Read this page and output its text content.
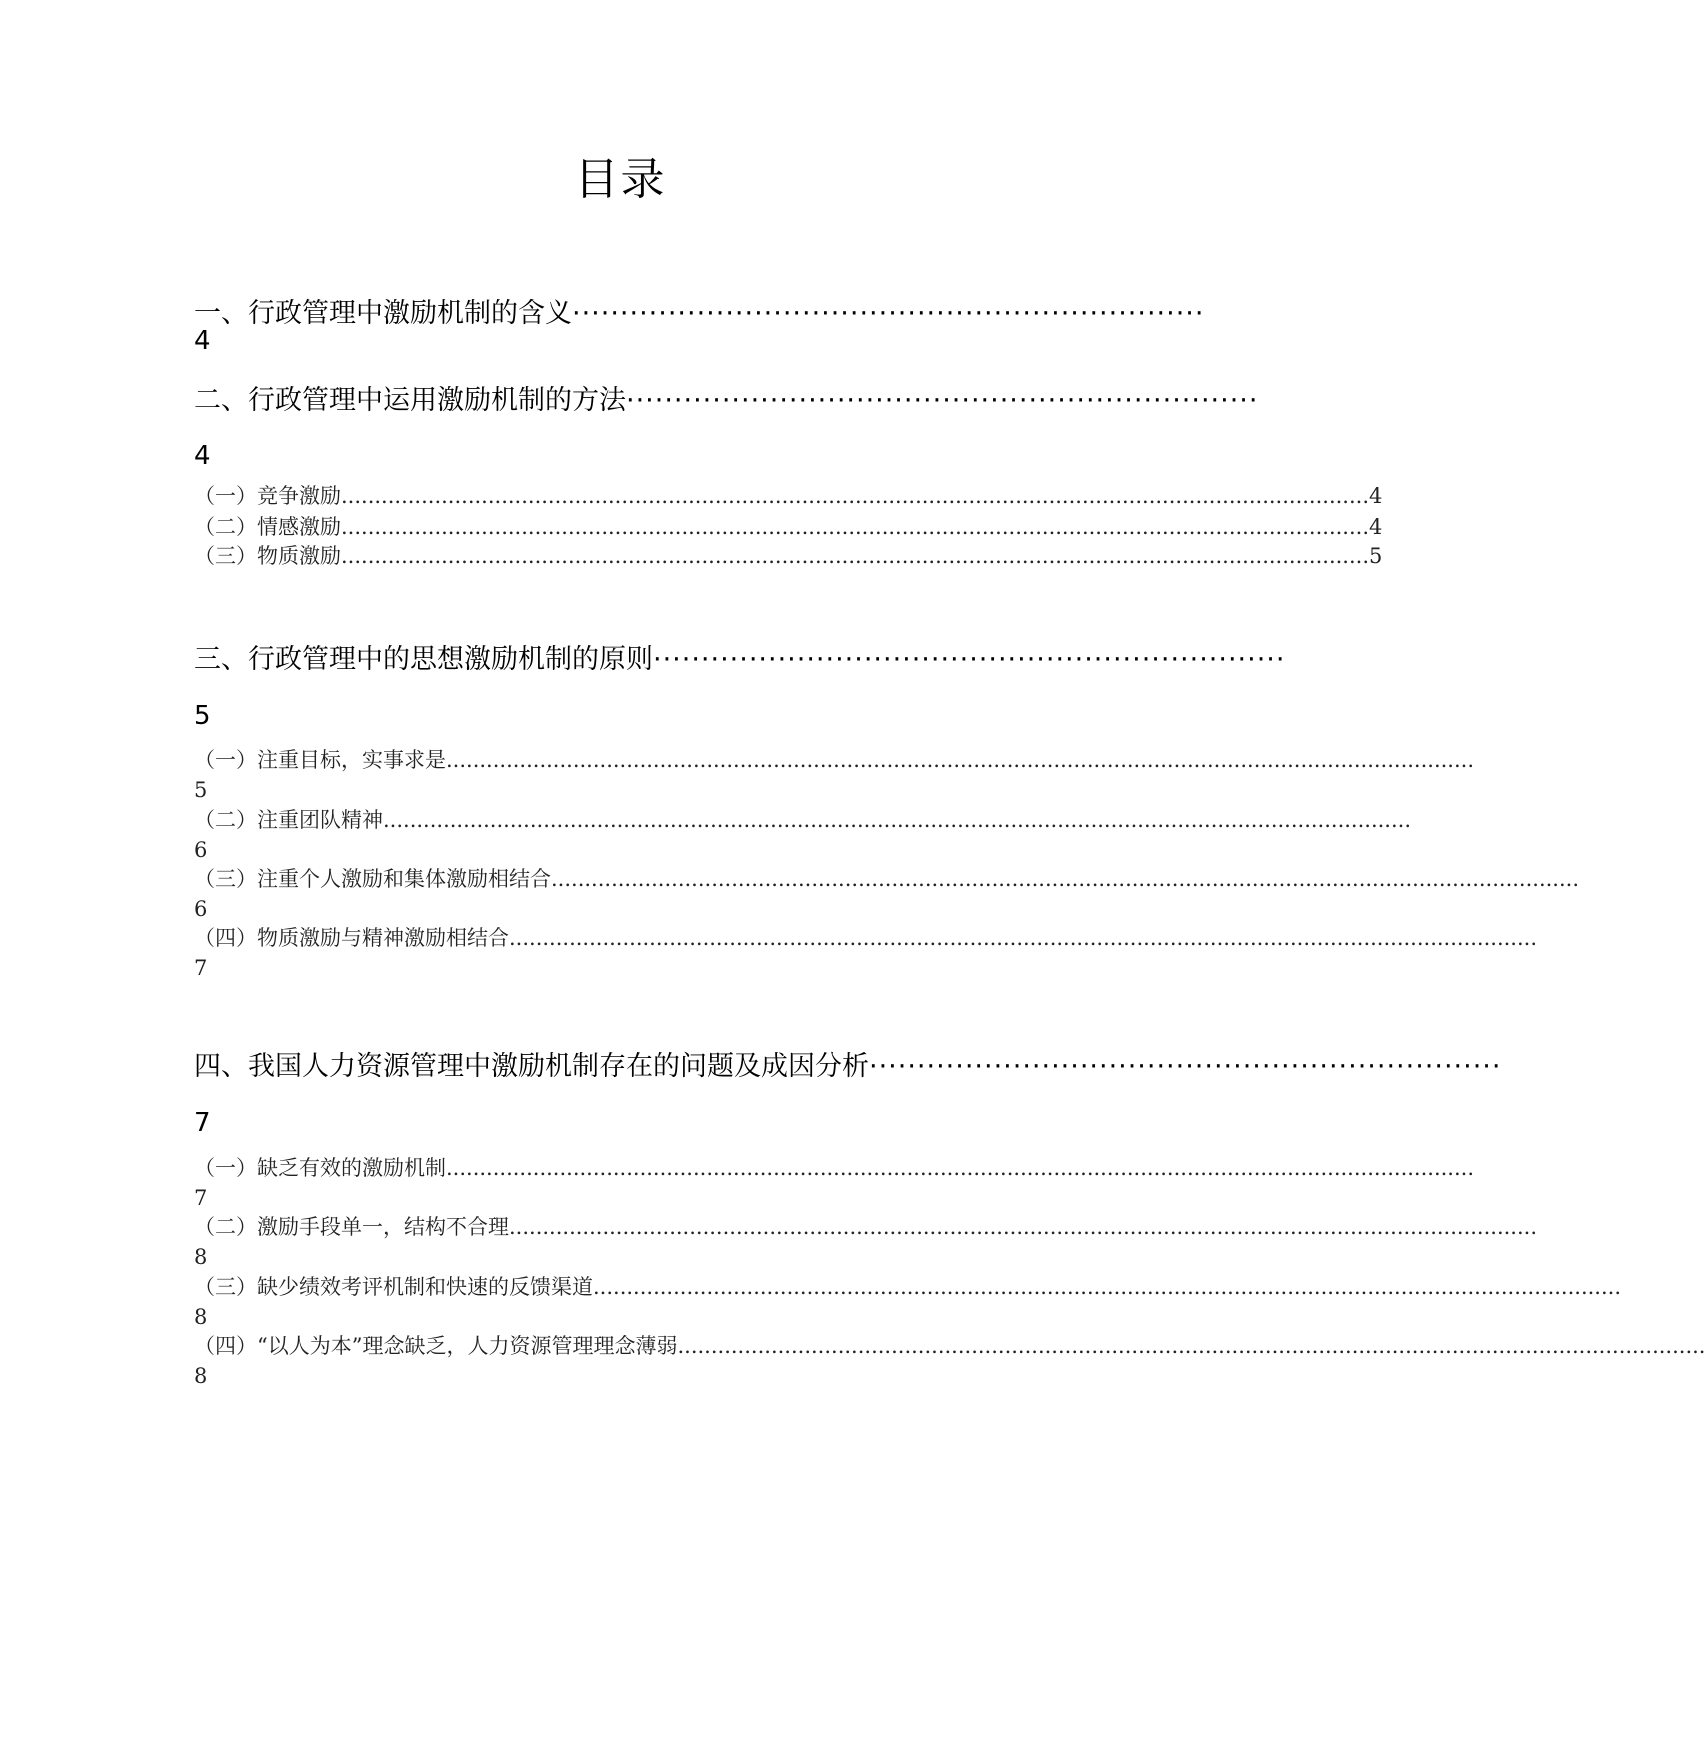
目录
一、行政管理中激励机制的含义 ··································································
4
二、行政管理中运用激励机制的方法 ··································································
4
（一）竞争激励 .......................................................................................................................................................... 4
（二）情感激励 .......................................................................................................................................................... 4
（三）物质激励 .......................................................................................................................................................... 5
三、行政管理中的思想激励机制的原则 ··································································
5
（一）注重目标，实事求是 ..........................................................................................................................................................
5
（二）注重团队精神 ..........................................................................................................................................................
6
（三）注重个人激励和集体激励相结合 ..........................................................................................................................................................
6
（四）物质激励与精神激励相结合 ..........................................................................................................................................................
7
四、我国人力资源管理中激励机制存在的问题及成因分析 ··································································
7
（一）缺乏有效的激励机制 ..........................................................................................................................................................
7
（二）激励手段单一，结构不合理 ..........................................................................................................................................................
8
（三）缺少绩效考评机制和快速的反馈渠道 ..........................................................................................................................................................
8
（四）“以人为本”理念缺乏，人力资源管理理念薄弱 ..........................................................................................................................................................
8
